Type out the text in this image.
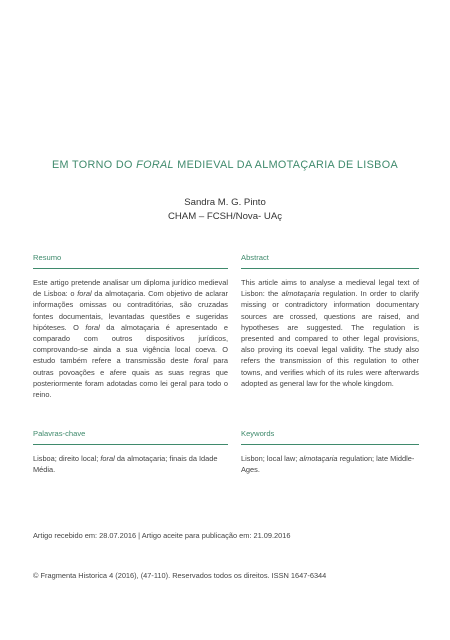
EM TORNO DO FORAL MEDIEVAL DA ALMOTAÇARIA DE LISBOA
Sandra M. G. Pinto
CHAM – FCSH/Nova- UAç
Resumo
Este artigo pretende analisar um diploma jurídico medieval de Lisboa: o foral da almotaçaria. Com objetivo de aclarar informações omissas ou contraditórias, são cruzadas fontes documentais, levantadas questões e sugeridas hipóteses. O foral da almotaçaria é apresentado e comparado com outros dispositivos jurídicos, comprovando-se ainda a sua vigência local coeva. O estudo também refere a transmissão deste foral para outras povoações e afere quais as suas regras que posteriormente foram adotadas como lei geral para todo o reino.
Abstract
This article aims to analyse a medieval legal text of Lisbon: the almotaçaria regulation. In order to clarify missing or contradictory information documentary sources are crossed, questions are raised, and hypotheses are suggested. The regulation is presented and compared to other legal provisions, also proving its coeval legal validity. The study also refers the transmission of this regulation to other towns, and verifies which of its rules were afterwards adopted as general law for the whole kingdom.
Palavras-chave
Lisboa; direito local; foral da almotaçaria; finais da Idade Média.
Keywords
Lisbon; local law; almotaçaria regulation; late Middle-Ages.
Artigo recebido em: 28.07.2016 | Artigo aceite para publicação em: 21.09.2016
© Fragmenta Historica 4 (2016), (47-110). Reservados todos os direitos. ISSN 1647-6344
